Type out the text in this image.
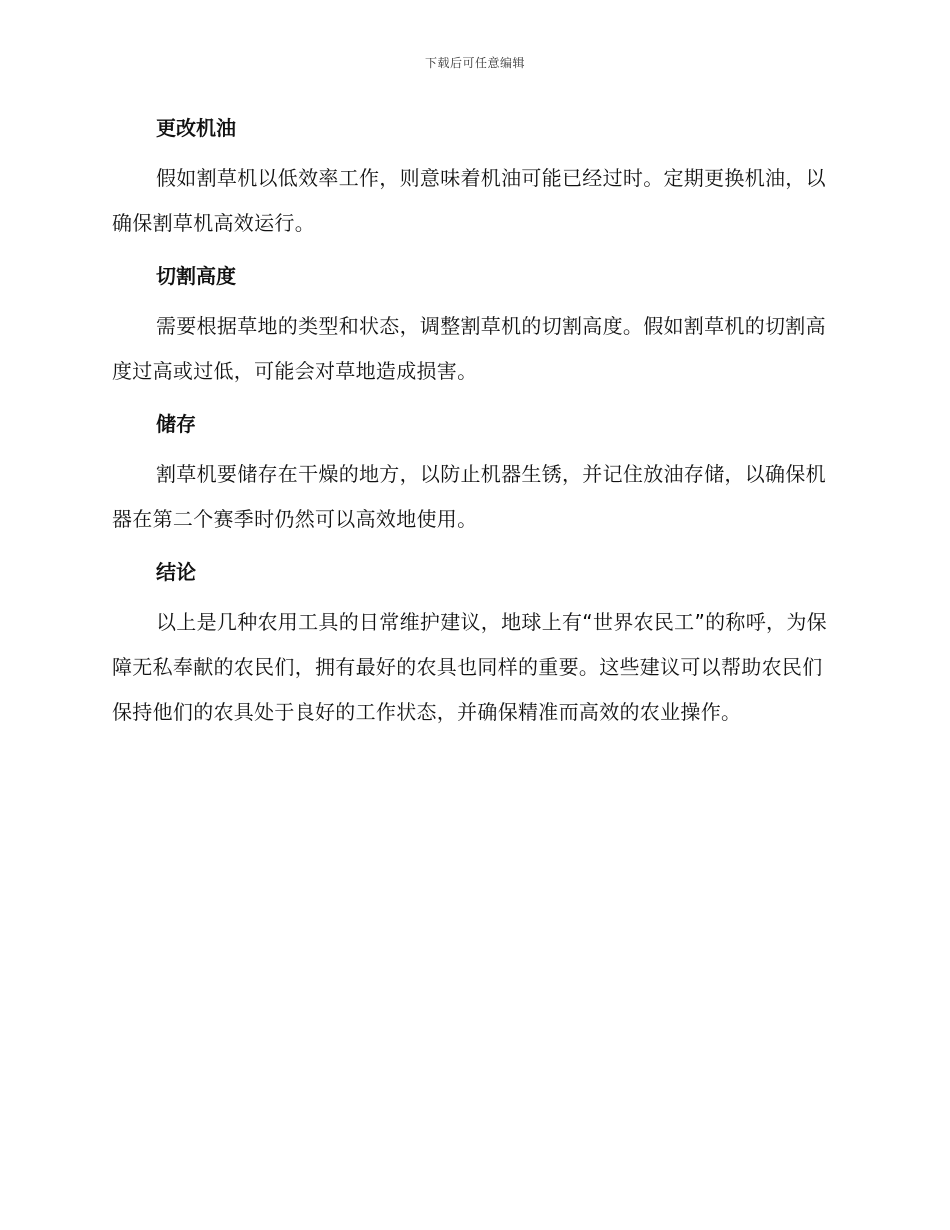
下载后可任意编辑
更改机油

假如割草机以低效率工作，则意味着机油可能已经过时。定期更换机油，以确保割草机高效运行。

切割高度

需要根据草地的类型和状态，调整割草机的切割高度。假如割草机的切割高度过高或过低，可能会对草地造成损害。

储存

割草机要储存在干燥的地方，以防止机器生锈，并记住放油存储，以确保机器在第二个赛季时仍然可以高效地使用。

结论

以上是几种农用工具的日常维护建议，地球上有“世界农民工”的称呼，为保障无私奉献的农民们，拥有最好的农具也同样的重要。这些建议可以帮助农民们保持他们的农具处于良好的工作状态，并确保精准而高效的农业操作。
